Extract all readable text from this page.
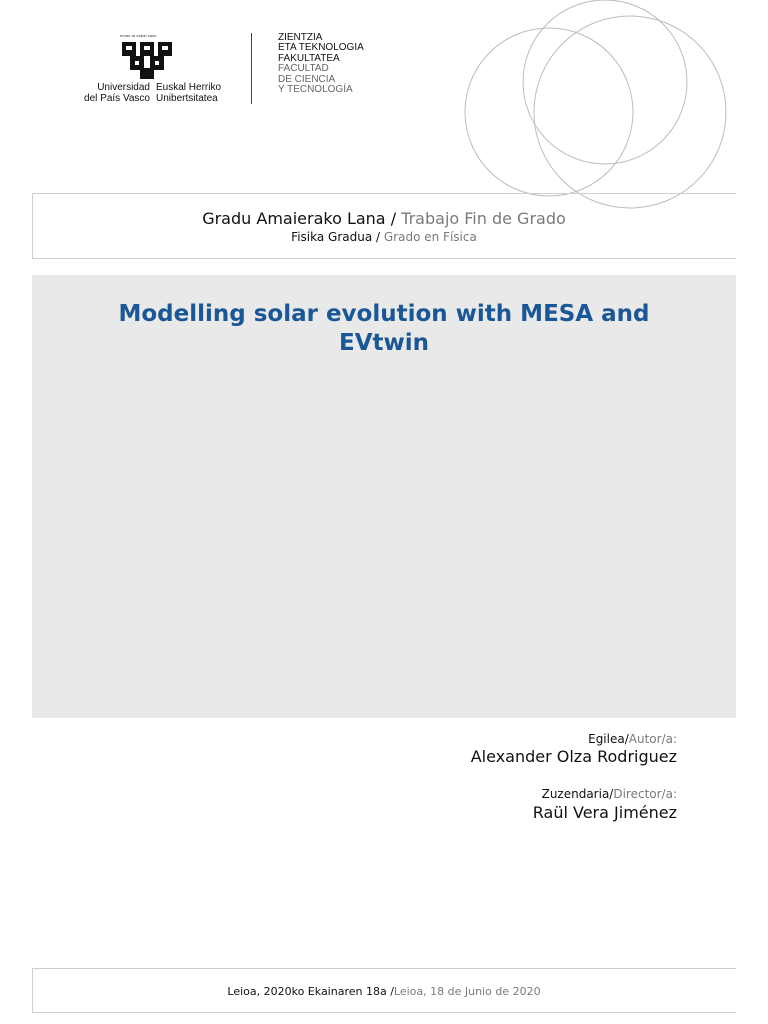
eman ta zabal zazu
Universidad
del País Vasco
Euskal Herriko
Unibertsitatea
ZIENTZIA
ETA TEKNOLOGIA
FAKULTATEA
FACULTAD
DE CIENCIA
Y TECNOLOGÍA
Gradu Amaierako Lana / Trabajo Fin de Grado
Fisika Gradua / Grado en Física
Modelling solar evolution with MESA and EVtwin
Egilea/Autor/a:
Alexander Olza Rodriguez
Zuzendaria/Director/a:
Raül Vera Jiménez
Leioa, 2020ko Ekainaren 18a /Leioa, 18 de Junio de 2020
